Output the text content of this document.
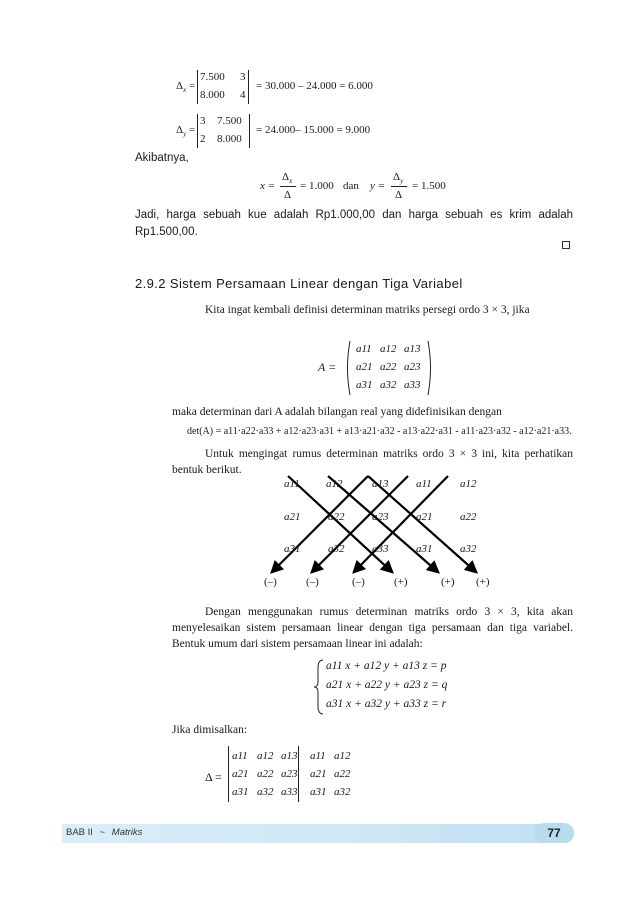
$\Delta_x$ =
7.500 3
8.000 4
= 30.000 – 24.000 = 6.000
$\Delta_y$ =
3 7.500
2 8.000
= 24.000– 15.000 = 9.000
Akibatnya,
x =
$\Delta_x$
Δ
= 1.000 dan y =
$\Delta_y$
Δ
= 1.500
Jadi, harga sebuah kue adalah Rp1.000,00 dan harga sebuah es krim adalah Rp1.500,00.
2.9.2 Sistem Persamaan Linear dengan Tiga Variabel
Kita ingat kembali definisi determinan matriks persegi ordo 3 × 3, jika
A =
a11 a12 a13
a21 a22 a23
a31 a32 a33
maka determinan dari A adalah bilangan real yang didefinisikan dengan
det(A) = a11·a22·a33 + a12·a23·a31 + a13·a21·a32 - a13·a22·a31 - a11·a23·a32 - a12·a21·a33.
Untuk mengingat rumus determinan matriks ordo 3 × 3 ini, kita perhatikan bentuk berikut.
a11 a12	a13	a11	a12
a21	a22	a23	a21	a22
a31	a32	a33	a31	a32
(–)	(–)	(–)	(+)	(+) (+)
Dengan menggunakan rumus determinan matriks ordo 3 × 3, kita akan menyelesaikan sistem persamaan linear dengan tiga persamaan dan tiga variabel. Bentuk umum dari sistem persamaan linear ini adalah:
a11 x + a12 y + a13 z = p
a21 x + a22 y + a23 z = q
a31 x + a32 y + a33 z = r
Jika dimisalkan:
Δ =
a11 a12 a13 a11 a12
a21 a22 a23 a21 a22
a31 a32 a33 a31 a32
BAB II ~ Matriks	77
